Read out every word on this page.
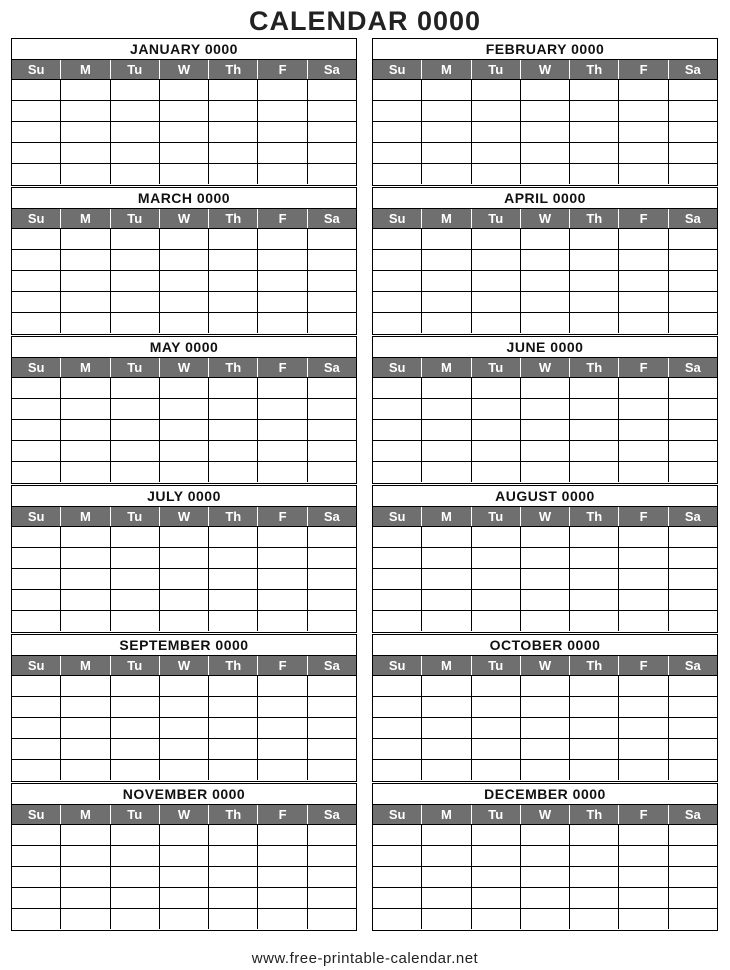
CALENDAR 0000
JANUARY 0000
Su	M	Tu	W	Th	F	Sa
FEBRUARY 0000
Su	M	Tu	W	Th	F	Sa
MARCH 0000
Su	M	Tu	W	Th	F	Sa
APRIL 0000
Su	M	Tu	W	Th	F	Sa
MAY 0000
Su	M	Tu	W	Th	F	Sa
JUNE 0000
Su	M	Tu	W	Th	F	Sa
JULY 0000
Su	M	Tu	W	Th	F	Sa
AUGUST 0000
Su	M	Tu	W	Th	F	Sa
SEPTEMBER 0000
Su	M	Tu	W	Th	F	Sa
OCTOBER 0000
Su	M	Tu	W	Th	F	Sa
NOVEMBER 0000
Su	M	Tu	W	Th	F	Sa
DECEMBER 0000
Su	M	Tu	W	Th	F	Sa
www.free-printable-calendar.net
